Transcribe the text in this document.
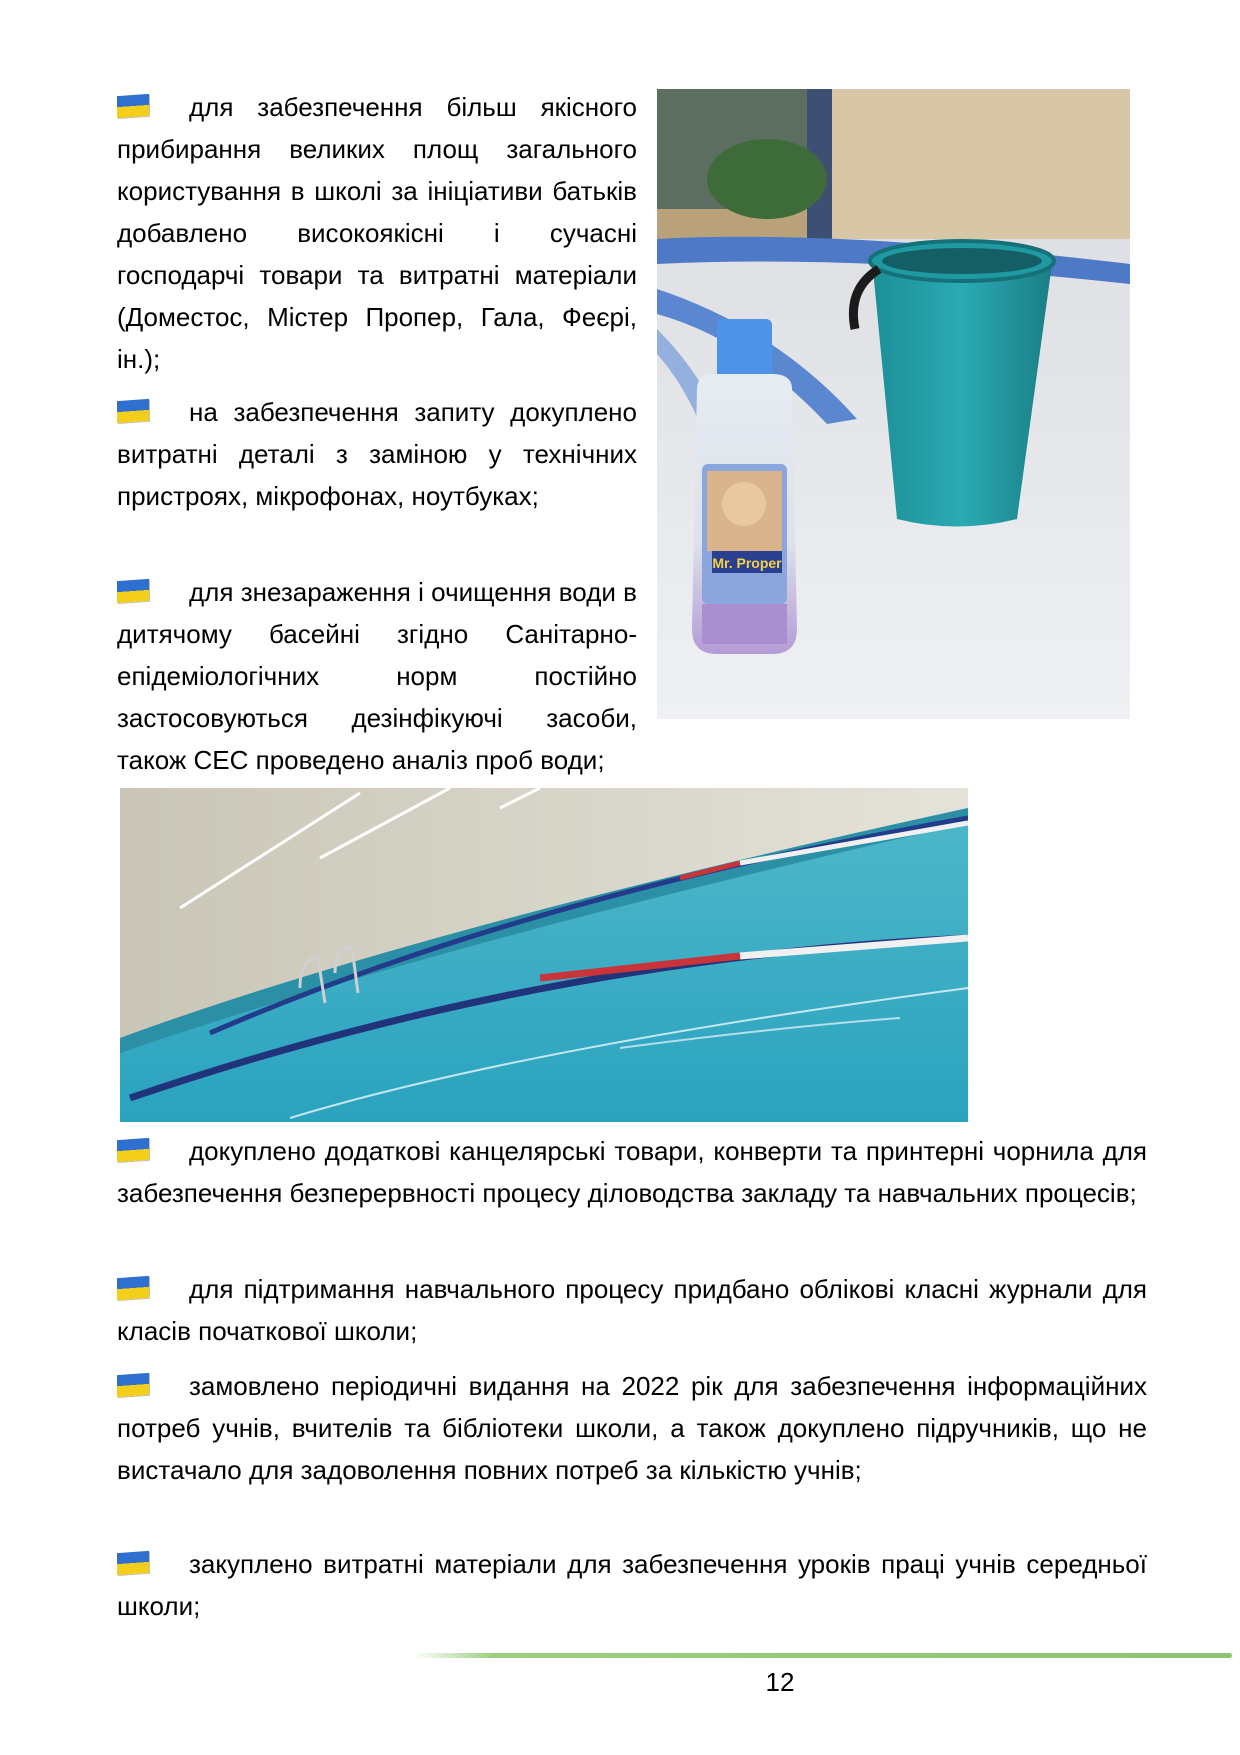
Mr. Proper

для забезпечення більш якісного прибирання великих площ загального користування в школі за ініціативи батьків добавлено високоякісні і сучасні господарчі товари та витратні матеріали (Доместос, Містер Пропер, Гала, Феєрі, ін.);

на забезпечення запиту докуплено витратні деталі з заміною у технічних пристроях, мікрофонах, ноутбуках;

для знезараження і очищення води в дитячому басейні згідно Санітарно-епідеміологічних норм постійно застосовуються дезінфікуючі засоби, також СЕС проведено аналіз проб води;

докуплено додаткові канцелярські товари, конверти та принтерні чорнила для забезпечення безперервності процесу діловодства закладу та навчальних процесів;

для підтримання навчального процесу придбано облікові класні журнали для класів початкової школи;

замовлено періодичні видання на 2022 рік для забезпечення інформаційних потреб учнів, вчителів та бібліотеки школи, а також докуплено підручників, що не вистачало для задоволення повних потреб за кількістю учнів;

закуплено витратні матеріали для забезпечення уроків праці учнів середньої школи;

12
